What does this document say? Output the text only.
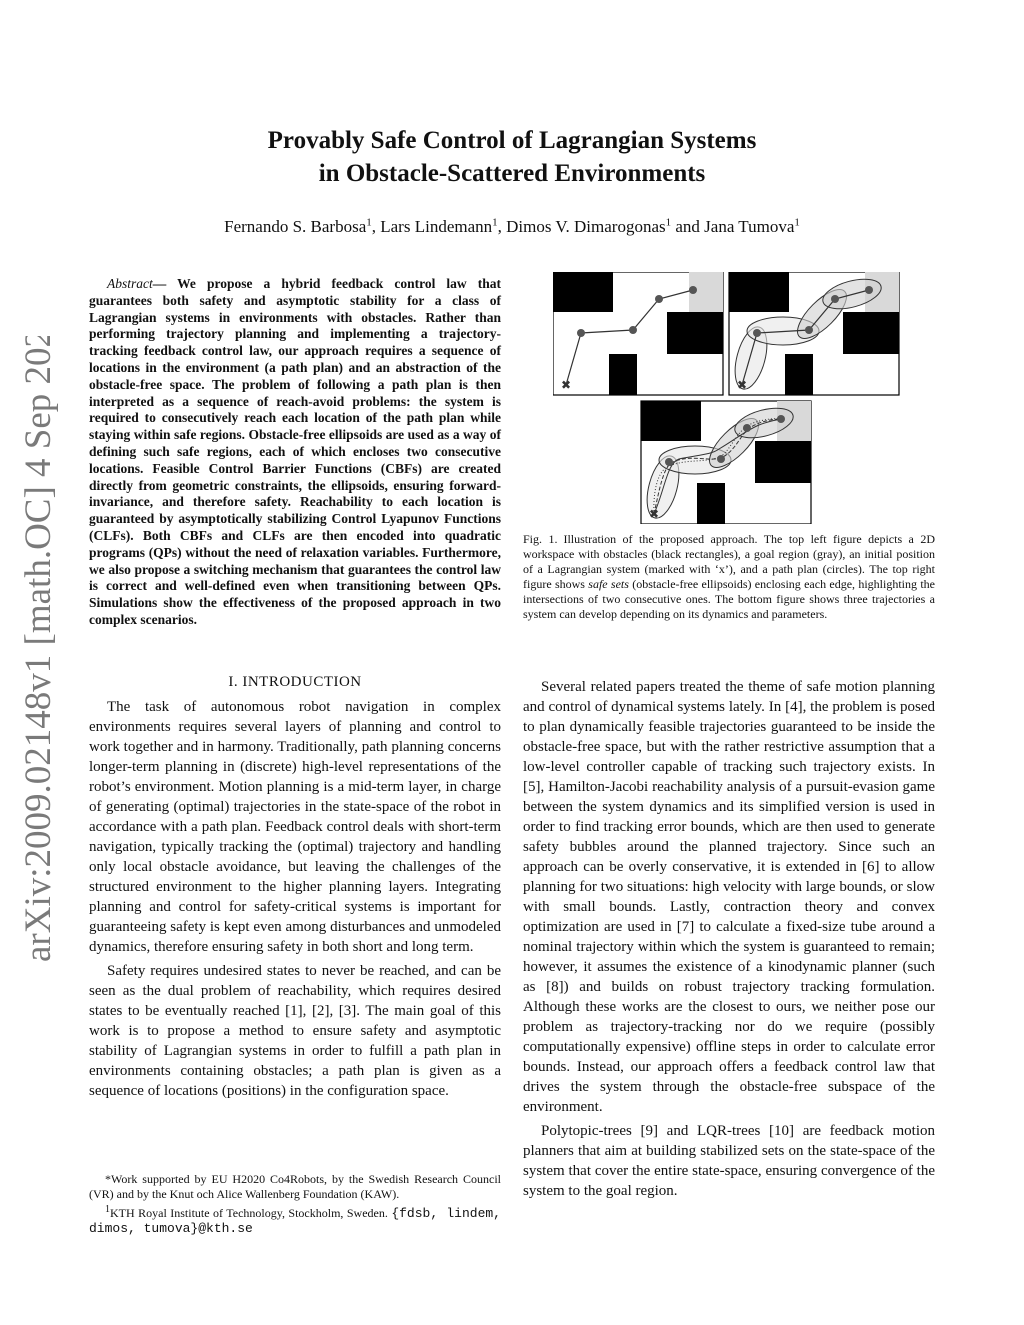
arXiv:2009.02148v1 [math.OC] 4 Sep 2020
Provably Safe Control of Lagrangian Systems
in Obstacle-Scattered Environments
Fernando S. Barbosa$^1$, Lars Lindemann$^1$, Dimos V. Dimarogonas$^1$ and Jana Tumova$^1$

Abstract— We propose a hybrid feedback control law that guarantees both safety and asymptotic stability for a class of Lagrangian systems in environments with obstacles. Rather than performing trajectory planning and implementing a trajectory-tracking feedback control law, our approach requires a sequence of locations in the environment (a path plan) and an abstraction of the obstacle-free space. The problem of following a path plan is then interpreted as a sequence of reach-avoid problems: the system is required to consecutively reach each location of the path plan while staying within safe regions. Obstacle-free ellipsoids are used as a way of defining such safe regions, each of which encloses two consecutive locations. Feasible Control Barrier Functions (CBFs) are created directly from geometric constraints, the ellipsoids, ensuring forward-invariance, and therefore safety. Reachability to each location is guaranteed by asymptotically stabilizing Control Lyapunov Functions (CLFs). Both CBFs and CLFs are then encoded into quadratic programs (QPs) without the need of relaxation variables. Furthermore, we also propose a switching mechanism that guarantees the control law is correct and well-defined even when transitioning between QPs. Simulations show the effectiveness of the proposed approach in two complex scenarios.

I. INTRODUCTION

The task of autonomous robot navigation in complex environments requires several layers of planning and control to work together and in harmony. Traditionally, path planning concerns longer-term planning in (discrete) high-level representations of the robot’s environment. Motion planning is a mid-term layer, in charge of generating (optimal) trajectories in the state-space of the robot in accordance with a path plan. Feedback control deals with short-term navigation, typically tracking the (optimal) trajectory and handling only local obstacle avoidance, but leaving the challenges of the structured environment to the higher planning layers. Integrating planning and control for safety-critical systems is important for guaranteeing safety is kept even among disturbances and unmodeled dynamics, therefore ensuring safety in both short and long term.

Safety requires undesired states to never be reached, and can be seen as the dual problem of reachability, which requires desired states to be eventually reached [1], [2], [3]. The main goal of this work is to propose a method to ensure safety and asymptotic stability of Lagrangian systems in order to fulfill a path plan in environments containing obstacles; a path plan is given as a sequence of locations (positions) in the configuration space.

*Work supported by EU H2020 Co4Robots, by the Swedish Research Council (VR) and by the Knut och Alice Wallenberg Foundation (KAW).

$^1$KTH Royal Institute of Technology, Stockholm, Sweden. {fdsb, lindem, dimos, tumova}@kth.se

✖	✖
✖
Fig. 1. Illustration of the proposed approach. The top left figure depicts a 2D workspace with obstacles (black rectangles), a goal region (gray), an initial position of a Lagrangian system (marked with ‘x’), and a path plan (circles). The top right figure shows safe sets (obstacle-free ellipsoids) enclosing each edge, highlighting the intersections of two consecutive ones. The bottom figure shows three trajectories a system can develop depending on its dynamics and parameters.

Several related papers treated the theme of safe motion planning and control of dynamical systems lately. In [4], the problem is posed to plan dynamically feasible trajectories guaranteed to be inside the obstacle-free space, but with the rather restrictive assumption that a low-level controller capable of tracking such trajectory exists. In [5], Hamilton-Jacobi reachability analysis of a pursuit-evasion game between the system dynamics and its simplified version is used in order to find tracking error bounds, which are then used to generate safety bubbles around the planned trajectory. Since such an approach can be overly conservative, it is extended in [6] to allow planning for two situations: high velocity with large bounds, or slow with small bounds. Lastly, contraction theory and convex optimization are used in [7] to calculate a fixed-size tube around a nominal trajectory within which the system is guaranteed to remain; however, it assumes the existence of a kinodynamic planner (such as [8]) and builds on robust trajectory tracking formulation. Although these works are the closest to ours, we neither pose our problem as trajectory-tracking nor do we require (possibly computationally expensive) offline steps in order to calculate error bounds. Instead, our approach offers a feedback control law that drives the system through the obstacle-free subspace of the environment.

Polytopic-trees [9] and LQR-trees [10] are feedback motion planners that aim at building stabilized sets on the state-space of the system that cover the entire state-space, ensuring convergence of the system to the goal region.
